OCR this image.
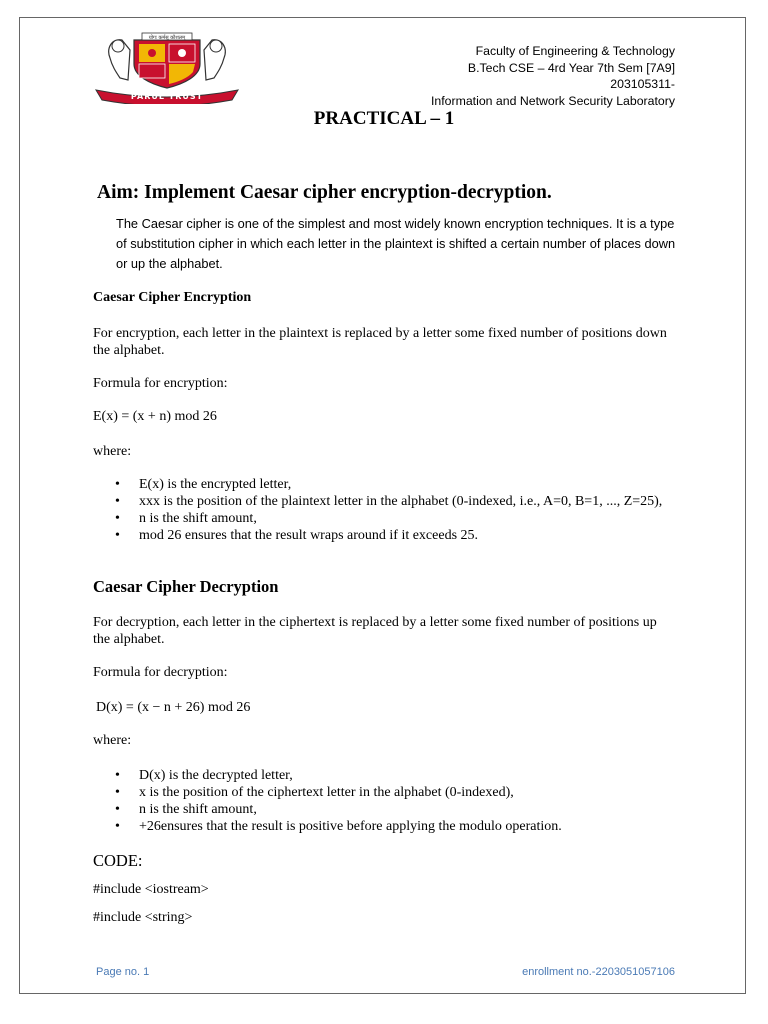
योगः कर्मसु कौशलम्
PARUL TRUST
Faculty of Engineering & Technology
B.Tech CSE – 4rd Year 7th Sem [7A9]
203105311-
Information and Network Security Laboratory
PRACTICAL – 1
Aim: Implement Caesar cipher encryption-decryption.

The Caesar cipher is one of the simplest and most widely known encryption techniques. It is a type of substitution cipher in which each letter in the plaintext is shifted a certain number of places down or up the alphabet.

Caesar Cipher Encryption

For encryption, each letter in the plaintext is replaced by a letter some fixed number of positions down the alphabet.

Formula for encryption:

E(x) = (x + n) mod 26

where:

• E(x) is the encrypted letter,
• xxx is the position of the plaintext letter in the alphabet (0-indexed, i.e., A=0, B=1, ..., Z=25),
• n is the shift amount,
• mod 26 ensures that the result wraps around if it exceeds 25.
Caesar Cipher Decryption

For decryption, each letter in the ciphertext is replaced by a letter some fixed number of positions up the alphabet.

Formula for decryption:

D(x) = (x − n + 26) mod 26

where:

• D(x) is the decrypted letter,
• x is the position of the ciphertext letter in the alphabet (0-indexed),
• n is the shift amount,
• +26ensures that the result is positive before applying the modulo operation.
CODE:

#include <iostream>

#include <string>

Page no. 1	enrollment no.-2203051057106
